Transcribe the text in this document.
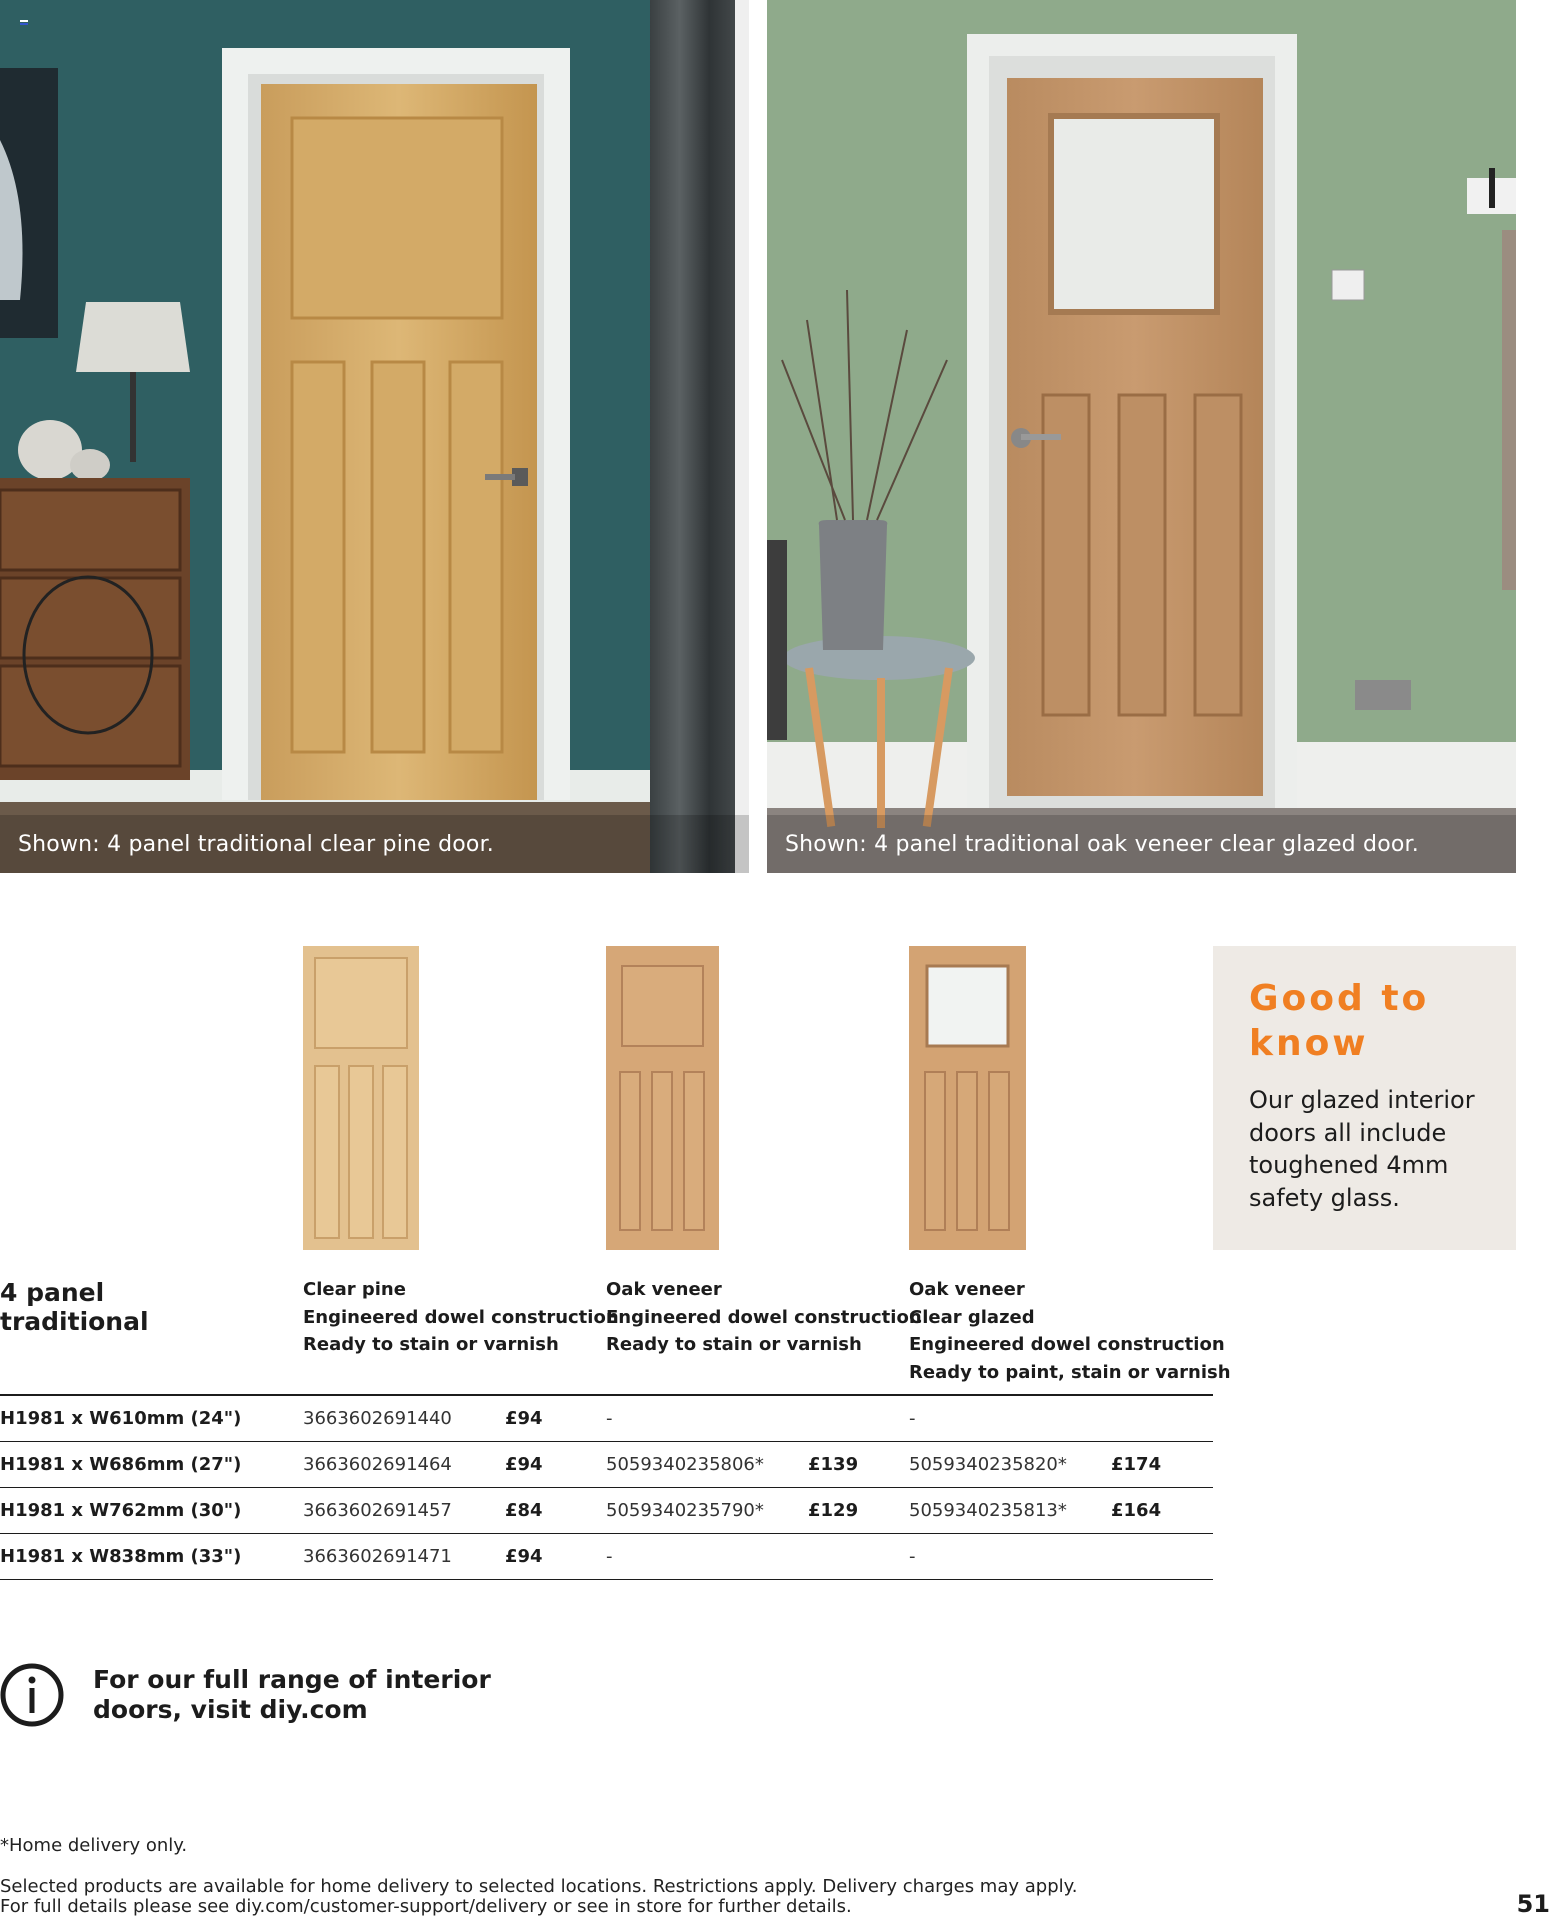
Shown: 4 panel traditional clear pine door.	Shown: 4 panel traditional oak veneer clear glazed door.
Good to
know
Our glazed interior doors all include toughened 4mm safety glass.
4 panel
traditional
Clear pine
Engineered dowel construction
Ready to stain or varnish
Oak veneer
Engineered dowel construction
Ready to stain or varnish
Oak veneer
Clear glazed
Engineered dowel construction
Ready to paint, stain or varnish
H1981 x W610mm (24")	3663602691440	£94	-	-
H1981 x W686mm (27")	3663602691464	£94	5059340235806* £139	5059340235820* £174
H1981 x W762mm (30")	3663602691457	£84	5059340235790* £129	5059340235813* £164
H1981 x W838mm (33")	3663602691471	£94	-	-
For our full range of interior
doors, visit diy.com
*Home delivery only.
Selected products are available for home delivery to selected locations. Restrictions apply. Delivery charges may apply.
For full details please see diy.com/customer-support/delivery or see in store for further details.	51
